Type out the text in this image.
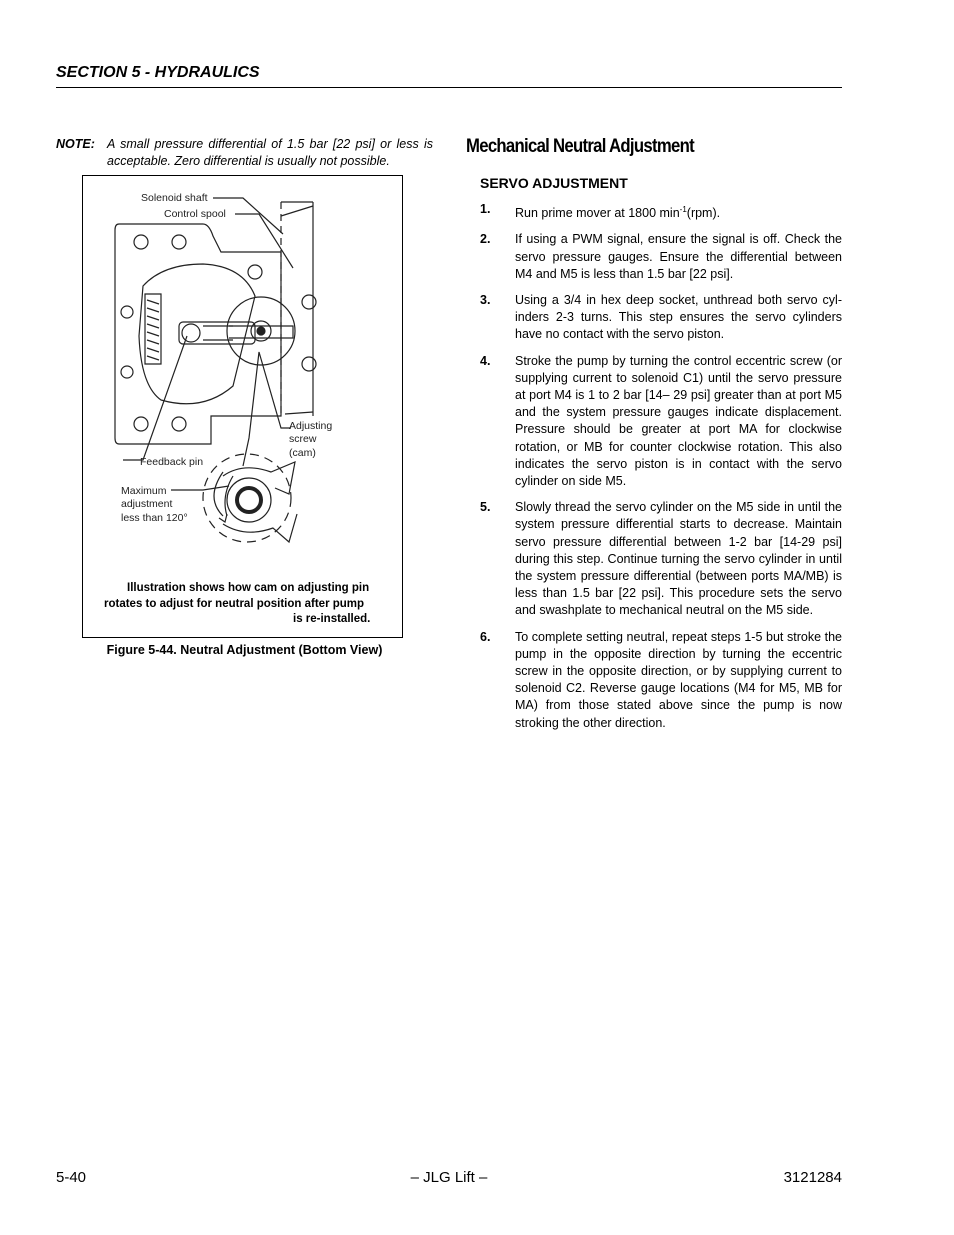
SECTION 5 - HYDRAULICS
NOTE: A small pressure differential of 1.5 bar [22 psi] or less is acceptable. Zero differential is usually not possible.
Solenoid shaft
Control spool
Adjusting
screw
(cam)
Feedback pin
Maximum
adjustment
less than 120°
Illustration shows how cam on adjusting pin
rotates to adjust for neutral position after pump
is re-installed.
Figure 5-44. Neutral Adjustment (Bottom View)
Mechanical Neutral Adjustment
SERVO ADJUSTMENT
1.	Run prime mover at 1800 $\min^{-1}(rpm)$.
2.	If using a PWM signal, ensure the signal is off. Check the servo pressure gauges. Ensure the differential between M4 and M5 is less than 1.5 bar [22 psi].
3.	Using a 3/4 in hex deep socket, unthread both servo cylinders 2-3 turns. This step ensures the servo cylinders have no contact with the servo piston.
4.	Stroke the pump by turning the control eccentric screw (or supplying current to solenoid C1) until the servo pressure at port M4 is 1 to 2 bar [14– 29 psi] greater than at port M5 and the system pressure gauges indicate displacement. Pressure should be greater at port MA for clockwise rotation, or MB for counter clockwise rotation. This also indicates the servo piston is in contact with the servo cylinder on side M5.
5.	Slowly thread the servo cylinder on the M5 side in until the system pressure differential starts to decrease. Maintain servo pressure differential between 1-2 bar [14-29 psi] during this step. Continue turning the servo cylinder in until the system pressure differential (between ports MA/MB) is less than 1.5 bar [22 psi]. This procedure sets the servo and swashplate to mechanical neutral on the M5 side.
6.	To complete setting neutral, repeat steps 1-5 but stroke the pump in the opposite direction by turning the eccentric screw in the opposite direction, or by supplying current to solenoid C2. Reverse gauge locations (M4 for M5, MB for MA) from those stated above since the pump is now stroking the other direction.
5-40	– JLG Lift –	3121284
